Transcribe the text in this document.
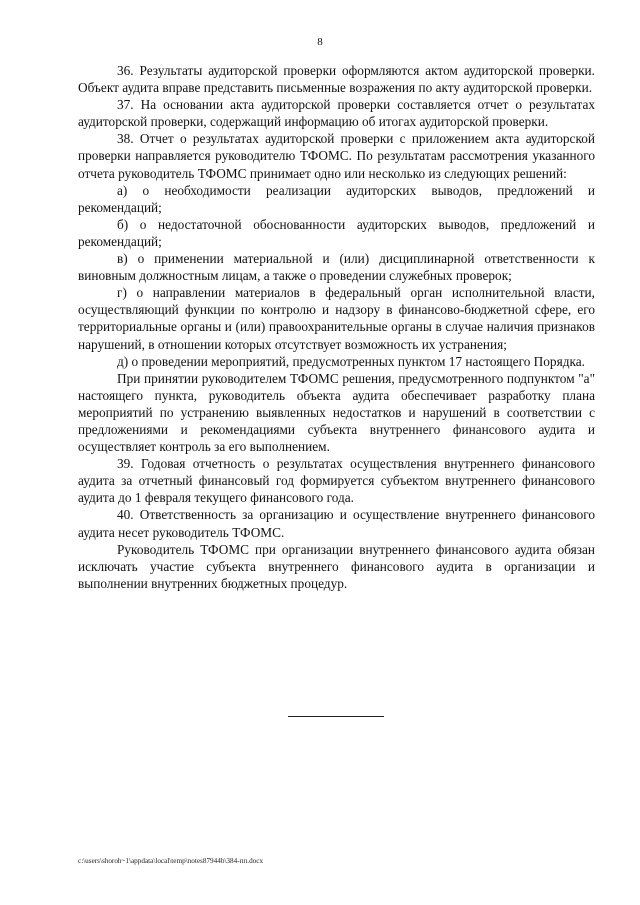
8

36. Результаты аудиторской проверки оформляются актом аудиторской проверки. Объект аудита вправе представить письменные возражения по акту аудиторской проверки.

37. На основании акта аудиторской проверки составляется отчет о результатах аудиторской проверки, содержащий информацию об итогах аудиторской проверки.

38. Отчет о результатах аудиторской проверки с приложением акта аудиторской проверки направляется руководителю ТФОМС. По результатам рассмотрения указанного отчета руководитель ТФОМС принимает одно или несколько из следующих решений:

а) о необходимости реализации аудиторских выводов, предложений и рекомендаций;

б) о недостаточной обоснованности аудиторских выводов, предложений и рекомендаций;

в) о применении материальной и (или) дисциплинарной ответственности к виновным должностным лицам, а также о проведении служебных проверок;

г) о направлении материалов в федеральный орган исполнительной власти, осуществляющий функции по контролю и надзору в финансово-бюджетной сфере, его территориальные органы и (или) правоохранительные органы в случае наличия признаков нарушений, в отношении которых отсутствует возможность их устранения;

д) о проведении мероприятий, предусмотренных пунктом 17 настоящего Порядка.

При принятии руководителем ТФОМС решения, предусмотренного подпунктом "а" настоящего пункта, руководитель объекта аудита обеспечивает разработку плана мероприятий по устранению выявленных недостатков и нарушений в соответствии с предложениями и рекомендациями субъекта внутреннего финансового аудита и осуществляет контроль за его выполнением.

39. Годовая отчетность о результатах осуществления внутреннего финансового аудита за отчетный финансовый год формируется субъектом внутреннего финансового аудита до 1 февраля текущего финансового года.

40. Ответственность за организацию и осуществление внутреннего финансового аудита несет руководитель ТФОМС.

Руководитель ТФОМС при организации внутреннего финансового аудита обязан исключать участие субъекта внутреннего финансового аудита в организации и выполнении внутренних бюджетных процедур.

c:\users\shoroh~1\appdata\local\temp\notes87944b\384-пп.docx
